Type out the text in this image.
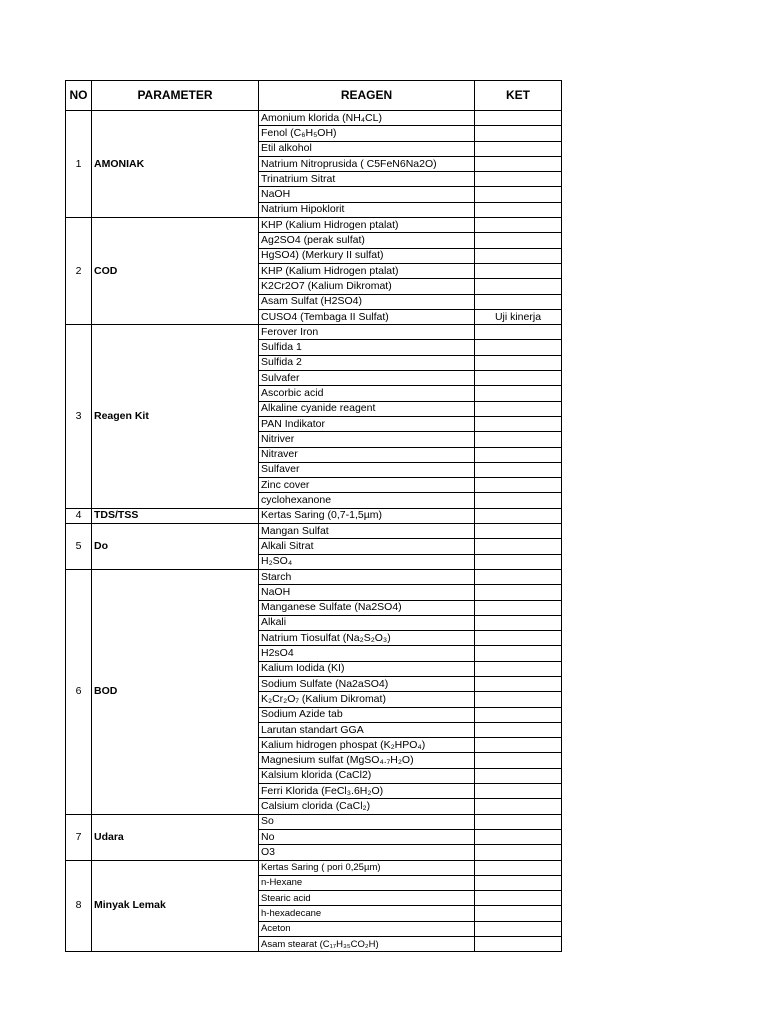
NO	PARAMETER	REAGEN	KET
1	AMONIAK	Amonium klorida (NH₄CL)	
		Fenol (C₆H₅OH)	
		Etil alkohol	
		Natrium Nitroprusida ( C5FeN6Na2O)	
		Trinatrium Sitrat	
		NaOH	
		Natrium Hipoklorit	
2	COD	KHP (Kalium Hidrogen ptalat)	
		Ag2SO4 (perak sulfat)	
		HgSO4) (Merkury II sulfat)	
		KHP (Kalium Hidrogen ptalat)	
		K2Cr2O7 (Kalium Dikromat)	
		Asam Sulfat (H2SO4)	
		CUSO4 (Tembaga II Sulfat)	Uji kinerja
3	Reagen Kit	Ferover Iron	
		Sulfida 1	
		Sulfida 2	
		Sulvafer	
		Ascorbic acid	
		Alkaline cyanide reagent	
		PAN Indikator	
		Nitriver	
		Nitraver	
		Sulfaver	
		Zinc cover	
		cyclohexanone	
4	TDS/TSS	Kertas Saring (0,7-1,5µm)	
5	Do	Mangan Sulfat	
		Alkali Sitrat	
		H₂SO₄	
6	BOD	Starch	
		NaOH	
		Manganese Sulfate (Na2SO4)	
		Alkali	
		Natrium Tiosulfat (Na₂S₂O₃)	
		H2sO4	
		Kalium Iodida (KI)	
		Sodium Sulfate (Na2aSO4)	
		K₂Cr₂O₇ (Kalium Dikromat)	
		Sodium Azide tab	
		Larutan standart GGA	
		Kalium hidrogen phospat (K₂HPO₄)	
		Magnesium sulfat (MgSO₄.₇H₂O)	
		Kalsium klorida (CaCl2)	
		Ferri Klorida (FeCl₃.6H₂O)	
		Calsium clorida (CaCl₂)	
7	Udara	So	
		No	
		O3	
8	Minyak Lemak	Kertas Saring ( pori 0,25µm)	
		n-Hexane	
		Stearic acid	
		h-hexadecane	
		Aceton	
		Asam stearat (C₁₇H₃₅CO₂H)	
